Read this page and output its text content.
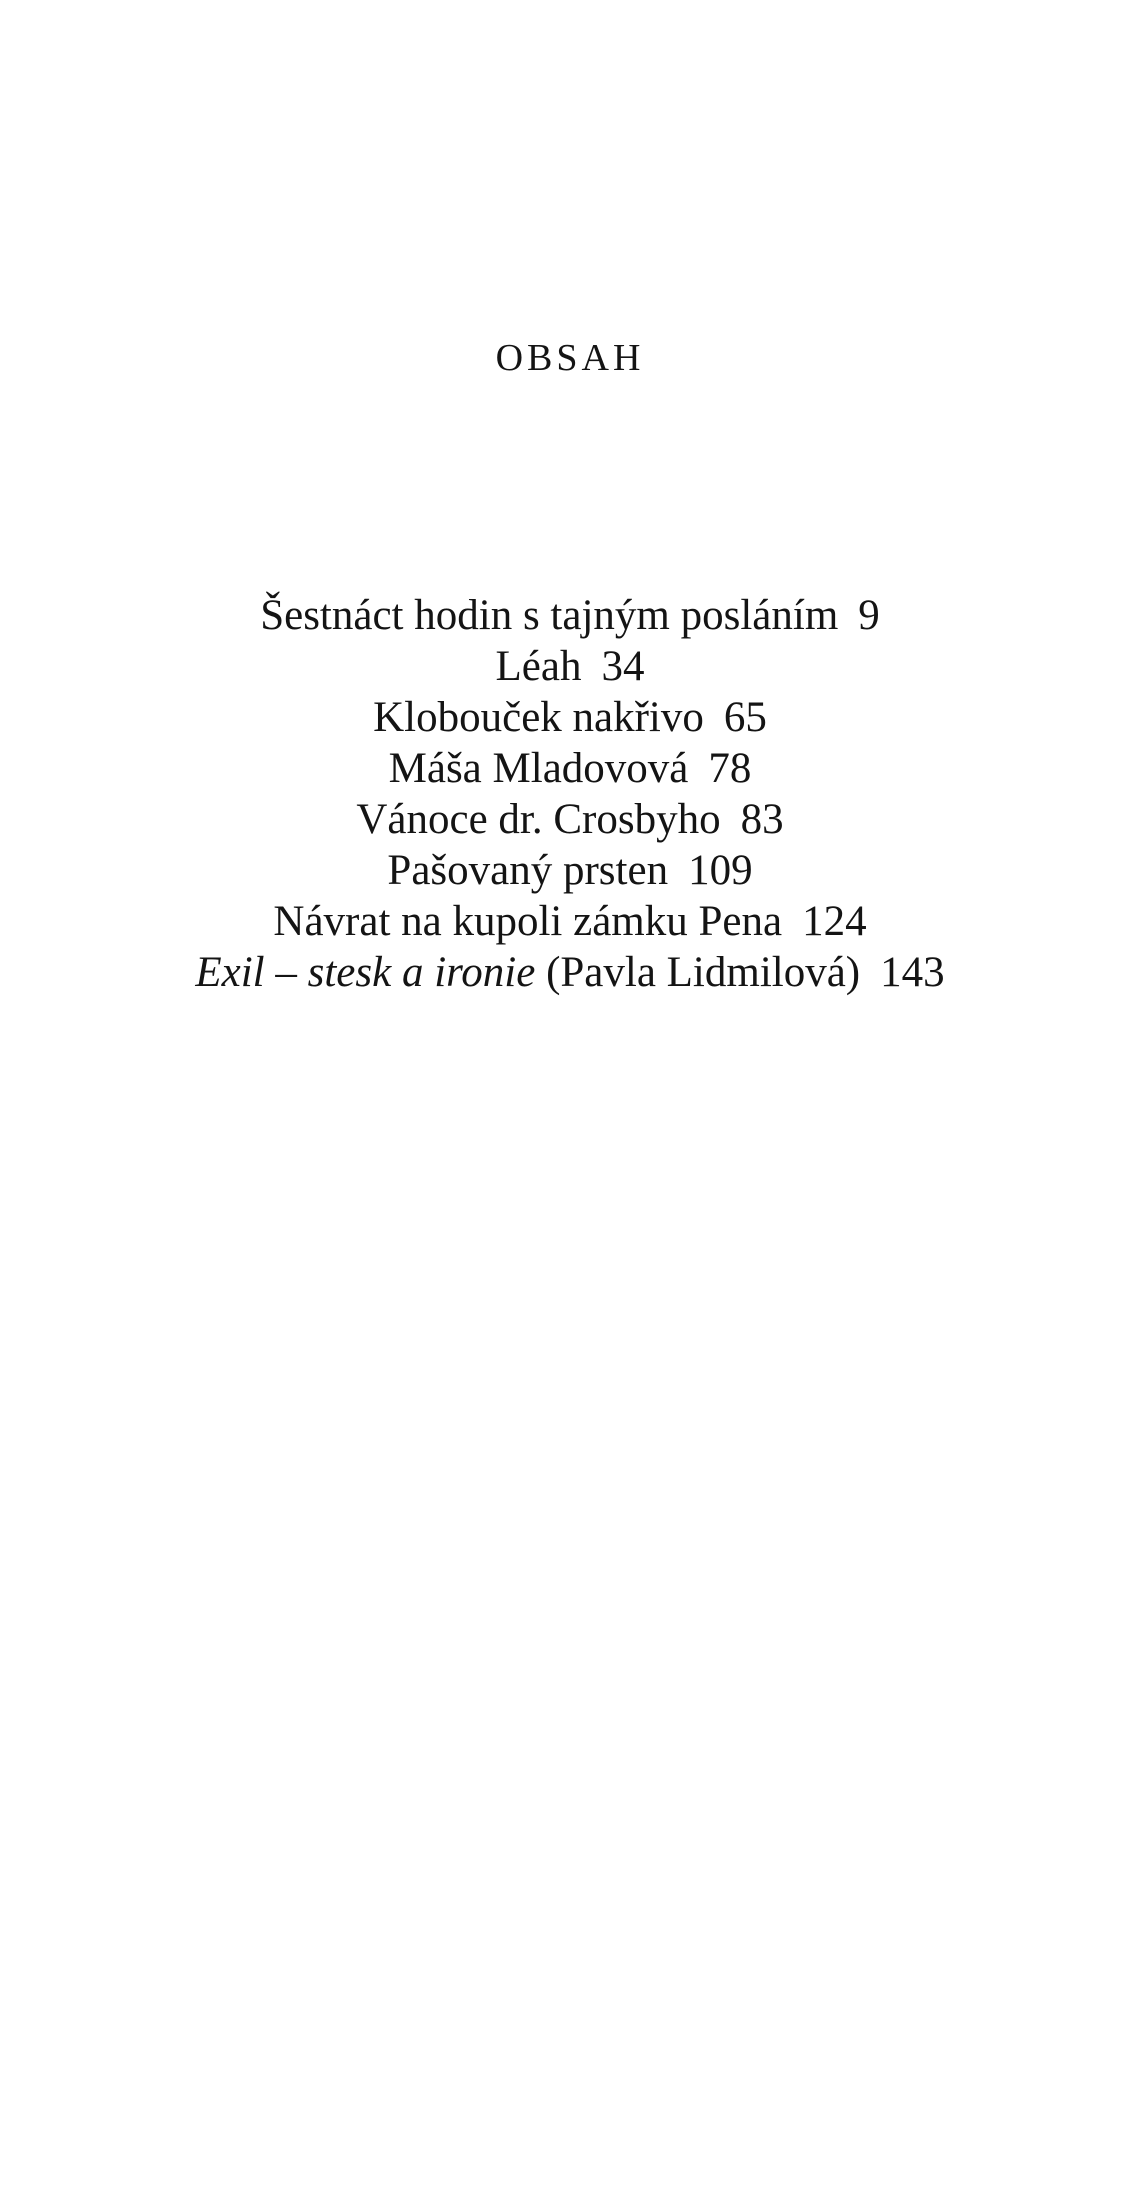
OBSAH
Šestnáct hodin s tajným posláním 9
Léah 34
Klobouček nakřivo 65
Máša Mladovová 78
Vánoce dr. Crosbyho 83
Pašovaný prsten 109
Návrat na kupoli zámku Pena 124
Exil – stesk a ironie (Pavla Lidmilová) 143
